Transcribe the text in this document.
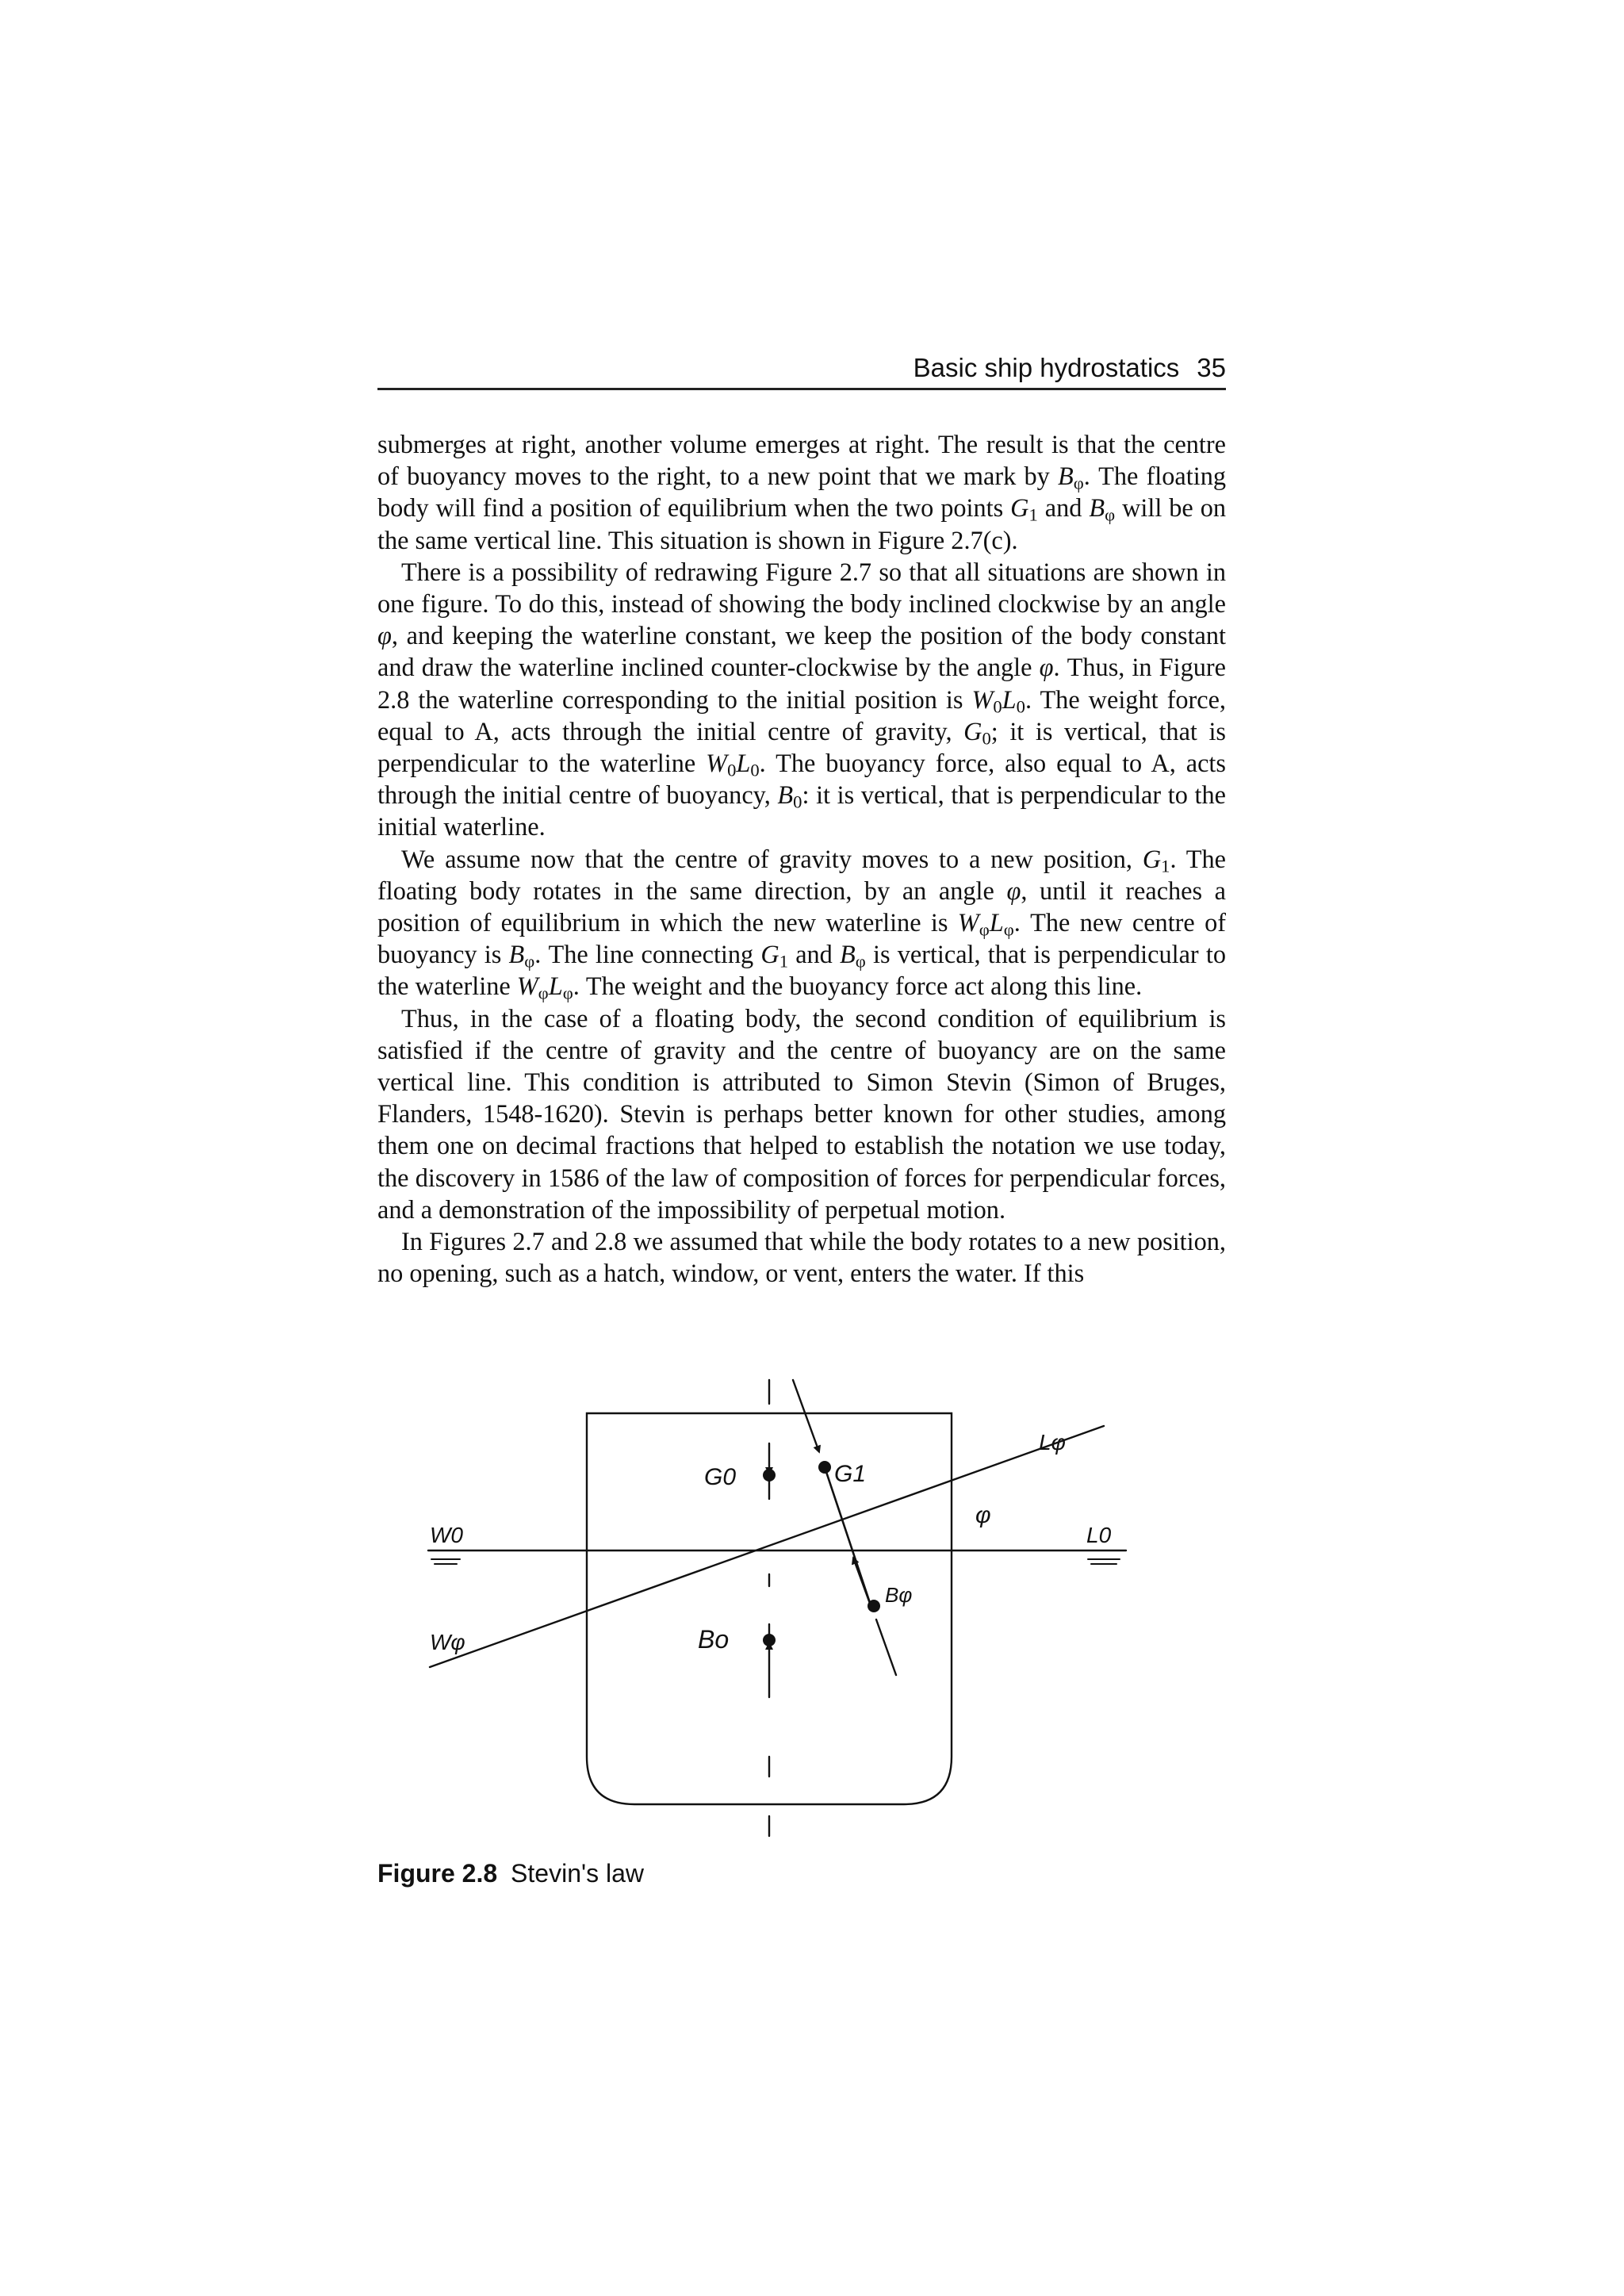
Basic ship hydrostatics 35

submerges at right, another volume emerges at right. The result is that the centre of buoyancy moves to the right, to a new point that we mark by $B_\varphi$. The floating body will find a position of equilibrium when the two points $G_1$ and $B_\varphi$ will be on the same vertical line. This situation is shown in Figure 2.7(c).

There is a possibility of redrawing Figure 2.7 so that all situations are shown in one figure. To do this, instead of showing the body inclined clockwise by an angle φ, and keeping the waterline constant, we keep the position of the body constant and draw the waterline inclined counter-clockwise by the angle φ. Thus, in Figure 2.8 the waterline corresponding to the initial position is $W_0L_0$. The weight force, equal to A, acts through the initial centre of gravity, $G_0$; it is vertical, that is perpendicular to the waterline $W_0L_0$. The buoyancy force, also equal to A, acts through the initial centre of buoyancy, $B_0$: it is vertical, that is perpendicular to the initial waterline.

We assume now that the centre of gravity moves to a new position, $G_1$. The floating body rotates in the same direction, by an angle φ, until it reaches a position of equilibrium in which the new waterline is $W_\varphi L_\varphi$. The new centre of buoyancy is $B_\varphi$. The line connecting $G_1$ and $B_\varphi$ is vertical, that is perpendicular to the waterline $W_\varphi L_\varphi$. The weight and the buoyancy force act along this line.

Thus, in the case of a floating body, the second condition of equilibrium is satisfied if the centre of gravity and the centre of buoyancy are on the same vertical line. This condition is attributed to Simon Stevin (Simon of Bruges, Flanders, 1548-1620). Stevin is perhaps better known for other studies, among them one on decimal fractions that helped to establish the notation we use today, the discovery in 1586 of the law of composition of forces for perpendicular forces, and a demonstration of the impossibility of perpetual motion.

In Figures 2.7 and 2.8 we assumed that while the body rotates to a new position, no opening, such as a hatch, window, or vent, enters the water. If this

Lφ
G0	G1
φ
W0	L0
Bφ
Wφ	Bo
Figure 2.8 Stevin's law
